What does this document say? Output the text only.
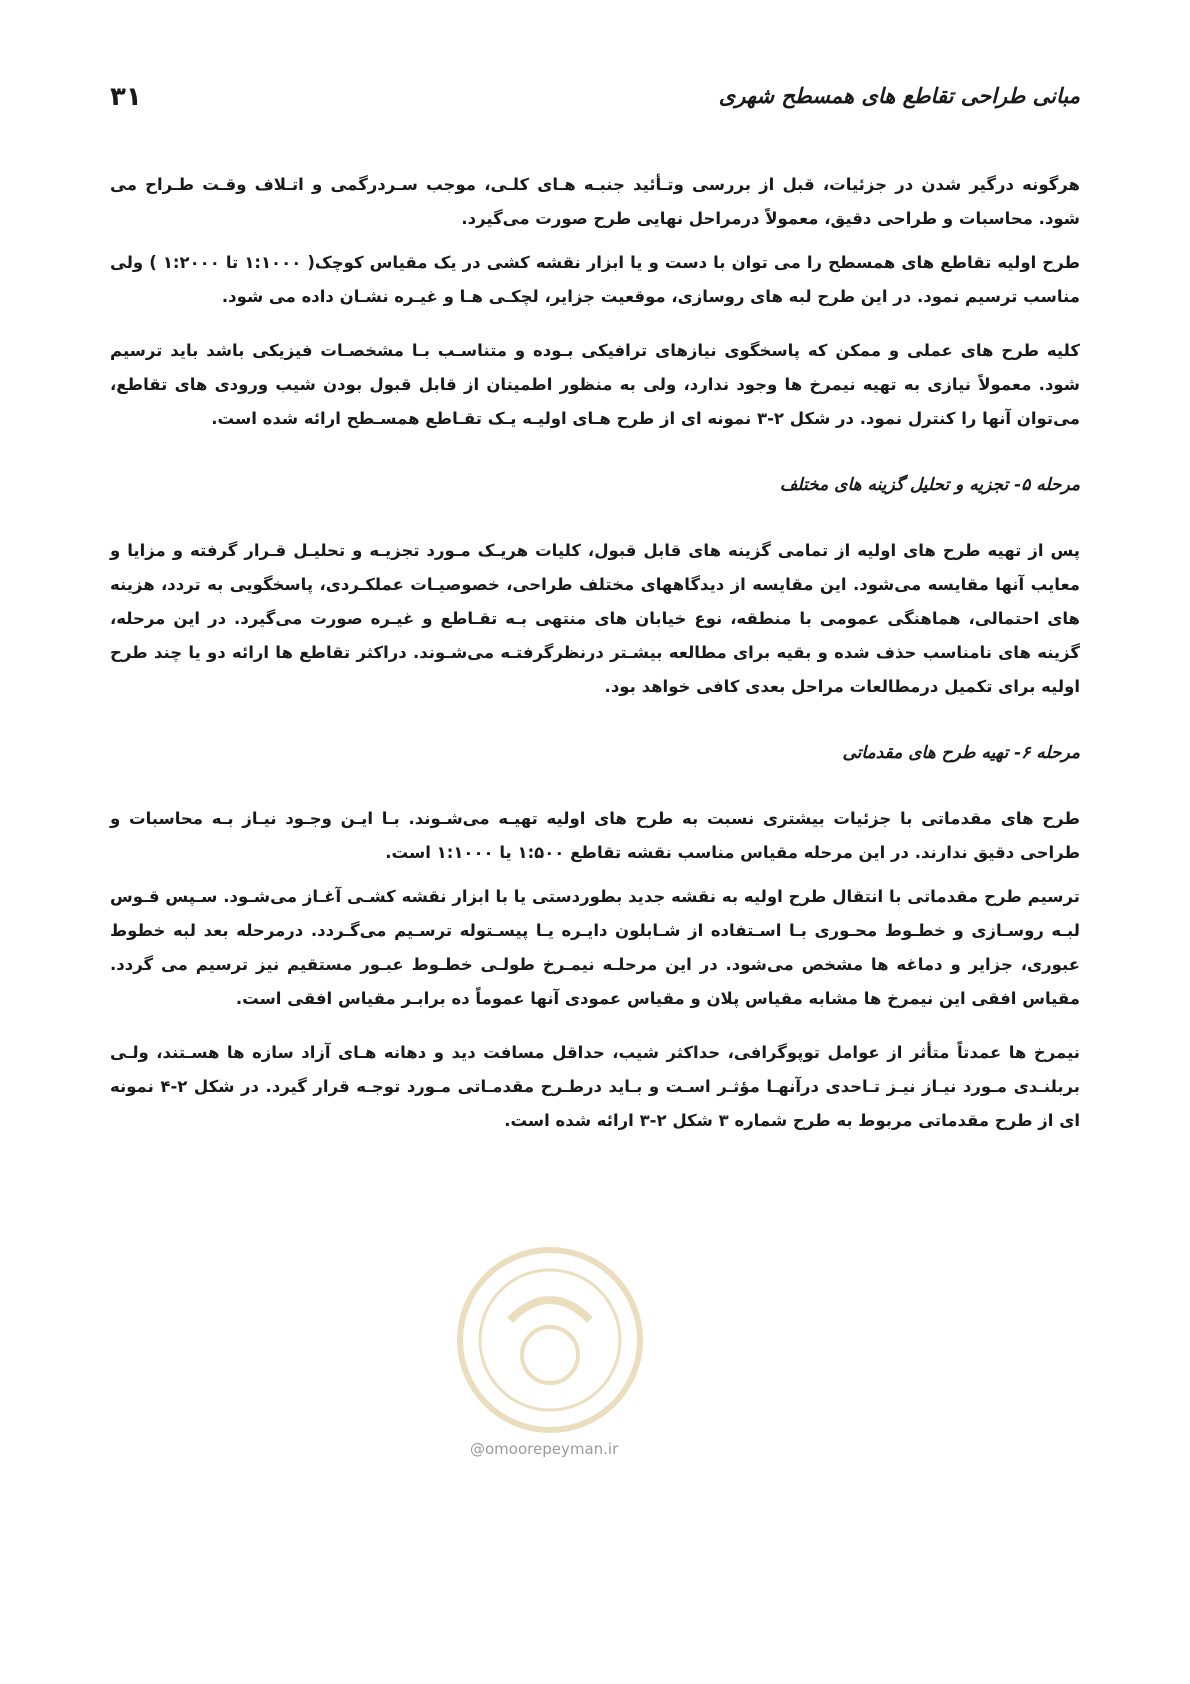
مبانی طراحی تقاطع های همسطح شهری
۳۱

هرگونه درگیر شدن در جزئیات، قبل از بررسی وتـأئید جنبـه هـای کلـی، موجب سـردرگمی و اتـلاف وقـت طـراح می شود. محاسبات و طراحی دقیق، معمولاً درمراحل نهایی طرح صورت می‌گیرد.

طرح اولیه تقاطع های همسطح را می توان با دست و یا ابزار نقشه کشی در یک مقیاس کوچک( ۱:۱۰۰۰ تا ۱:۲۰۰۰ ) ولی مناسب ترسیم نمود. در این طرح لبه های روسازی، موقعیت جزایر، لچکـی هـا و غیـره نشـان داده می شود.

کلیه طرح های عملی و ممکن که پاسخگوی نیازهای ترافیکی بـوده و متناسـب بـا مشخصـات فیزیکی باشد باید ترسیم شود. معمولاً نیازی به تهیه نیمرخ ها وجود ندارد، ولی به منظور اطمینان از قابل قبول بودن شیب ورودی های تقاطع، می‌توان آنها را کنترل نمود. در شکل ۲-۳ نمونه ای از طرح هـای اولیـه یـک تقـاطع همسـطح ارائه شده است.

مرحله ۵- تجزیه و تحلیل گزینه های مختلف

پس از تهیه طرح های اولیه از تمامی گزینه های قابل قبول، کلیات هریـک مـورد تجزیـه و تحلیـل قـرار گرفته و مزایا و معایب آنها مقایسه می‌شود. این مقایسه از دیدگاههای مختلف طراحی، خصوصیـات عملکـردی، پاسخگویی به تردد، هزینه های احتمالی، هماهنگی عمومی با منطقه، نوع خیابان های منتهی بـه تقـاطع و غیـره صورت می‌گیرد. در این مرحله، گزینه های نامناسب حذف شده و بقیه برای مطالعه بیشـتر درنظرگرفتـه می‌شـوند. دراکثر تقاطع ها ارائه دو یا چند طرح اولیه برای تکمیل درمطالعات مراحل بعدی کافی خواهد بود.

مرحله ۶- تهیه طرح های مقدماتی

طرح های مقدماتی با جزئیات بیشتری نسبت به طرح های اولیه تهیـه می‌شـوند. بـا ایـن وجـود نیـاز بـه محاسبات و طراحی دقیق ندارند. در این مرحله مقیاس مناسب نقشه تقاطع ۱:۵۰۰ یا ۱:۱۰۰۰ است.

ترسیم طرح مقدماتی با انتقال طرح اولیه به نقشه جدید بطوردستی یا با ابزار نقشه کشـی آغـاز می‌شـود. سـپس قـوس لبـه روسـازی و خطـوط محـوری بـا اسـتفاده از شـابلون دایـره یـا پیسـتوله ترسـیم می‌گـردد. درمرحله بعد لبه خطوط عبوری، جزایر و دماغه ها مشخص می‌شود. در این مرحلـه نیمـرخ طولـی خطـوط عبـور مستقیم نیز ترسیم می گردد. مقیاس افقی این نیمرخ ها مشابه مقیاس پلان و مقیاس عمودی آنها عموماً ده برابـر مقیاس افقی است.

نیمرخ ها عمدتاً متأثر از عوامل توپوگرافی، حداکثر شیب، حداقل مسافت دید و دهانه هـای آزاد سازه ها هسـتند، ولـی بربلنـدی مـورد نیـاز نیـز تـاحدی درآنهـا مؤثـر اسـت و بـاید درطـرح مقدمـاتی مـورد توجـه قرار گیرد. در شکل ۲-۴ نمونه ای از طرح مقدماتی مربوط به طرح شماره ۳ شکل ۲-۳ ارائه شده است.

@omoorepeyman.ir
